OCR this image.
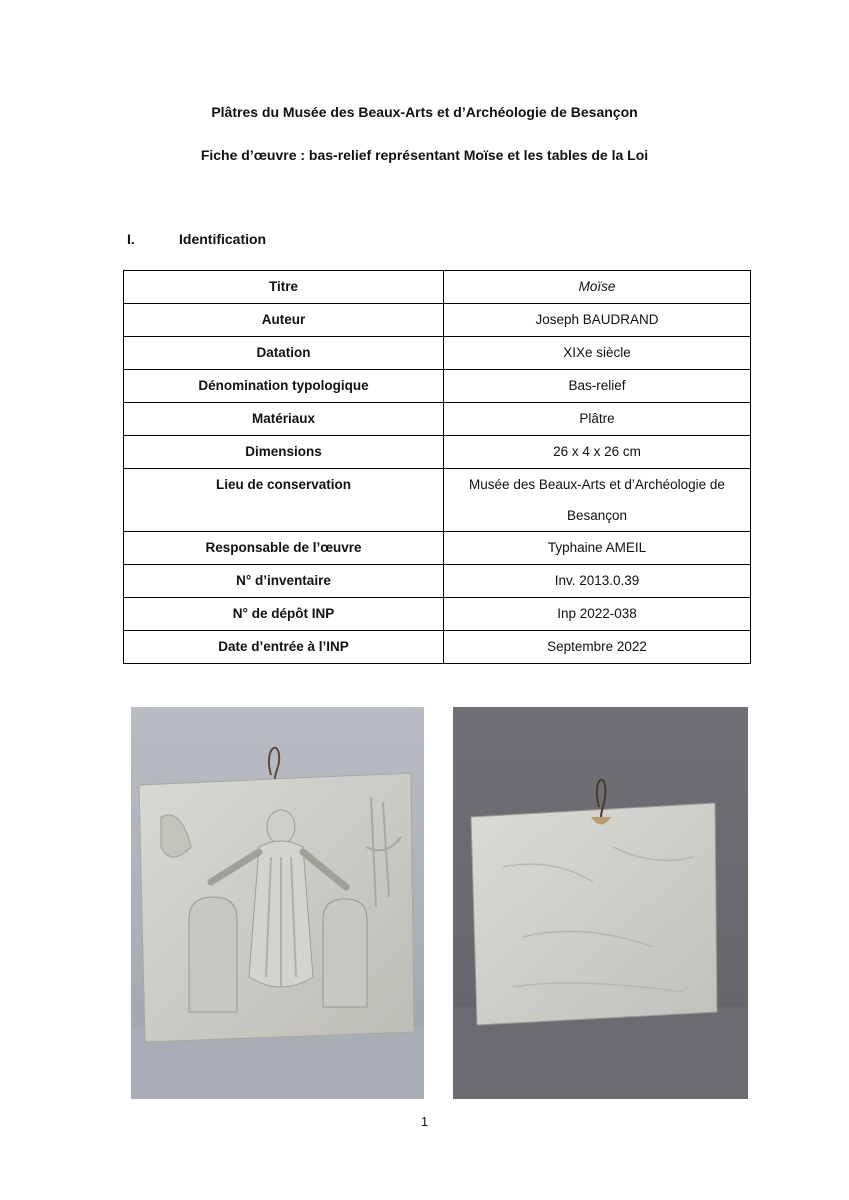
Plâtres du Musée des Beaux-Arts et d’Archéologie de Besançon
Fiche d’œuvre : bas-relief représentant Moïse et les tables de la Loi
I.	Identification
Titre	Moïse
Auteur	Joseph BAUDRAND
Datation	XIXe siècle
Dénomination typologique	Bas-relief
Matériaux	Plâtre
Dimensions	26 x 4 x 26 cm
Lieu de conservation	Musée des Beaux-Arts et d’Archéologie de Besançon
Responsable de l’œuvre	Typhaine AMEIL
N° d’inventaire	Inv. 2013.0.39
N° de dépôt INP	Inp 2022-038
Date d’entrée à l’INP	Septembre 2022
1
